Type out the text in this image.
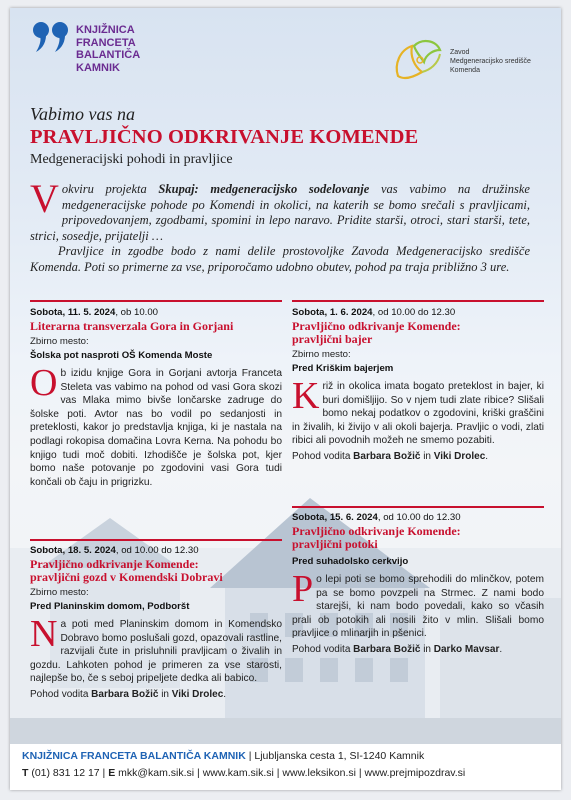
KNJIŽNICA
FRANCETA
BALANTIČA
KAMNIK
Zavod
Medgeneracijsko središče
Komenda
Vabimo vas na
PRAVLJIČNO ODKRIVANJE KOMENDE
Medgeneracijski pohodi in pravljice
V okviru projekta Skupaj: medgeneracijsko sodelovanje vas vabimo na družinske medgeneracijske pohode po Komendi in okolici, na katerih se bomo srečali s pravljicami, pripovedovanjem, zgodbami, spomini in lepo naravo. Pridite starši, otroci, stari starši, tete, strici, sosedje, prijatelji …
Pravljice in zgodbe bodo z nami delile prostovoljke Zavoda Medgeneracijsko središče Komenda. Poti so primerne za vse, priporočamo udobno obutev, pohod pa traja približno 3 ure.
Sobota, 11. 5. 2024, ob 10.00
Literarna transverzala Gora in Gorjani
Zbirno mesto:
Šolska pot nasproti OŠ Komenda Moste
Ob izidu knjige Gora in Gorjani avtorja Franceta Steleta vas vabimo na pohod od vasi Gora skozi vas Mlaka mimo bivše lončarske zadruge do šolske poti. Avtor nas bo vodil po sedanjosti in preteklosti, kakor jo predstavlja knjiga, ki je nastala na podlagi rokopisa domačina Lovra Kerna. Na pohodu bo knjigo tudi moč dobiti. Izhodišče je šolska pot, kjer bomo naše potovanje po zgodovini vasi Gora tudi končali ob čaju in prigrizku.
Sobota, 1. 6. 2024, od 10.00 do 12.30
Pravljično odkrivanje Komende:
pravljični bajer
Zbirno mesto:
Pred Kriškim bajerjem
Križ in okolica imata bogato preteklost in bajer, ki buri domišljijo. So v njem tudi zlate ribice? Slišali bomo nekaj podatkov o zgodovini, kriški graščini in živalih, ki živijo v ali okoli bajerja. Pravljic o vodi, zlati ribici ali povodnih možeh ne smemo pozabiti.
Pohod vodita Barbara Božič in Viki Drolec.
Sobota, 18. 5. 2024, od 10.00 do 12.30
Pravljično odkrivanje Komende:
pravljični gozd v Komendski Dobravi
Zbirno mesto:
Pred Planinskim domom, Podboršt
Na poti med Planinskim domom in Komendsko Dobravo bomo poslušali gozd, opazovali rastline, razvijali čute in prisluhnili pravljicam o živalih in gozdu. Lahkoten pohod je primeren za vse starosti, najlepše bo, če s seboj pripeljete dedka ali babico.
Pohod vodita Barbara Božič in Viki Drolec.
Sobota, 15. 6. 2024, od 10.00 do 12.30
Pravljično odkrivanje Komende:
pravljični potoki
Pred suhadolsko cerkvijo
Po lepi poti se bomo sprehodili do mlinčkov, potem pa se bomo povzpeli na Strmec. Z nami bodo starejši, ki nam bodo povedali, kako so včasih prali ob potokih ali nosili žito v mlin. Slišali bomo pravljice o mlinarjih in pšenici.
Pohod vodita Barbara Božič in Darko Mavsar.
KNJIŽNICA FRANCETA BALANTIČA KAMNIK | Ljubljanska cesta 1, SI-1240 Kamnik
T (01) 831 12 17 | E mkk@kam.sik.si | www.kam.sik.si | www.leksikon.si | www.prejmipozdrav.si
